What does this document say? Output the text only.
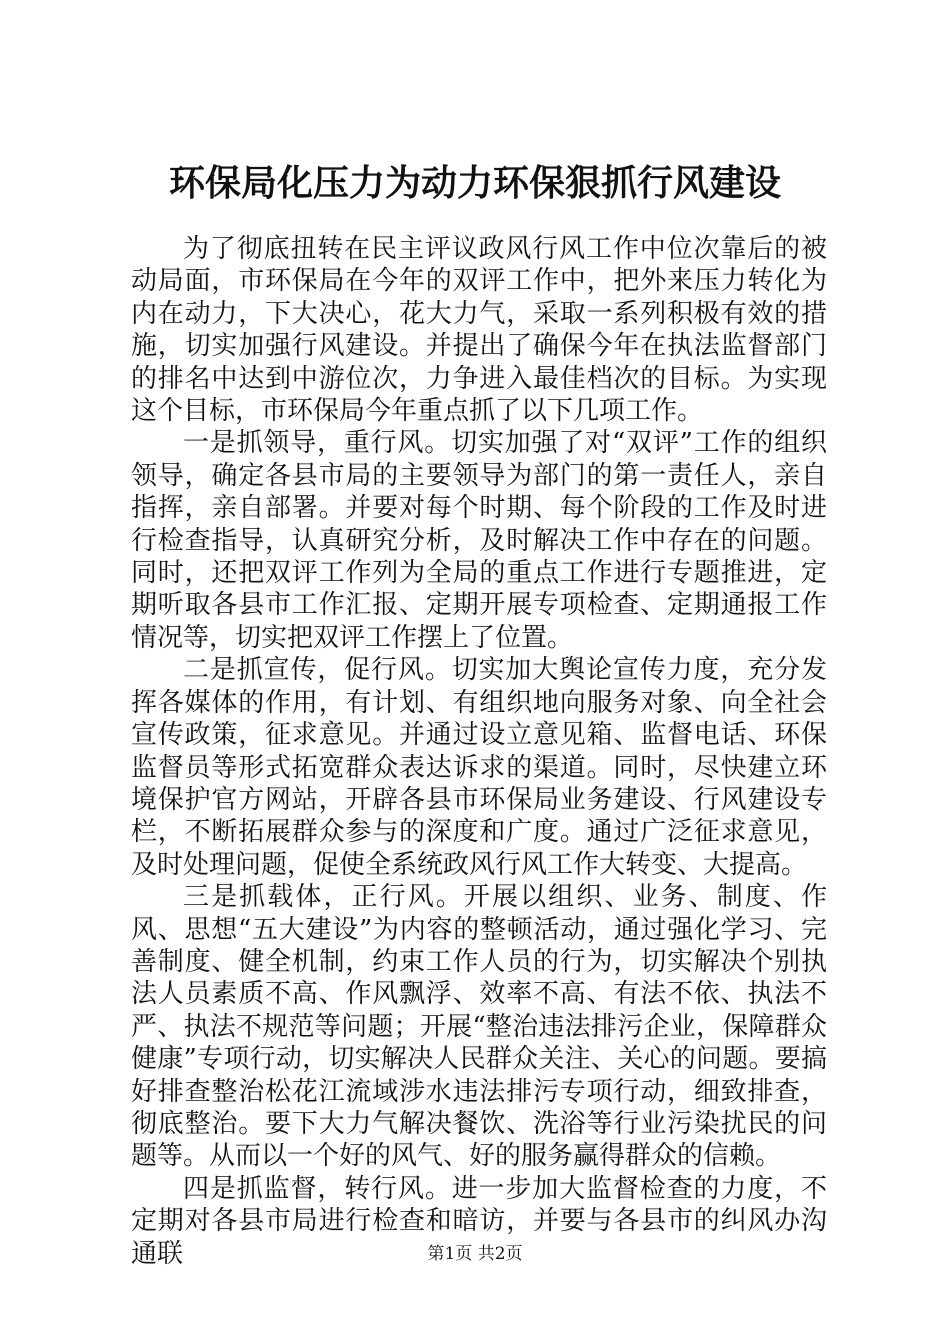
环保局化压力为动力环保狠抓行风建设

为了彻底扭转在民主评议政风行风工作中位次靠后的被动局面，市环保局在今年的双评工作中，把外来压力转化为内在动力，下大决心，花大力气，采取一系列积极有效的措施，切实加强行风建设。并提出了确保今年在执法监督部门的排名中达到中游位次，力争进入最佳档次的目标。为实现这个目标，市环保局今年重点抓了以下几项工作。

一是抓领导，重行风。切实加强了对“双评”工作的组织领导，确定各县市局的主要领导为部门的第一责任人，亲自指挥，亲自部署。并要对每个时期、每个阶段的工作及时进行检查指导，认真研究分析，及时解决工作中存在的问题。同时，还把双评工作列为全局的重点工作进行专题推进，定期听取各县市工作汇报、定期开展专项检查、定期通报工作情况等，切实把双评工作摆上了位置。

二是抓宣传，促行风。切实加大舆论宣传力度，充分发挥各媒体的作用，有计划、有组织地向服务对象、向全社会宣传政策，征求意见。并通过设立意见箱、监督电话、环保监督员等形式拓宽群众表达诉求的渠道。同时，尽快建立环境保护官方网站，开辟各县市环保局业务建设、行风建设专栏，不断拓展群众参与的深度和广度。通过广泛征求意见，及时处理问题，促使全系统政风行风工作大转变、大提高。

三是抓载体，正行风。开展以组织、业务、制度、作风、思想“五大建设”为内容的整顿活动，通过强化学习、完善制度、健全机制，约束工作人员的行为，切实解决个别执法人员素质不高、作风飘浮、效率不高、有法不依、执法不严、执法不规范等问题；开展“整治违法排污企业，保障群众健康”专项行动，切实解决人民群众关注、关心的问题。要搞好排查整治松花江流域涉水违法排污专项行动，细致排查，彻底整治。要下大力气解决餐饮、洗浴等行业污染扰民的问题等。从而以一个好的风气、好的服务赢得群众的信赖。

四是抓监督，转行风。进一步加大监督检查的力度，不定期对各县市局进行检查和暗访，并要与各县市的纠风办沟通联	第1页 共2页
